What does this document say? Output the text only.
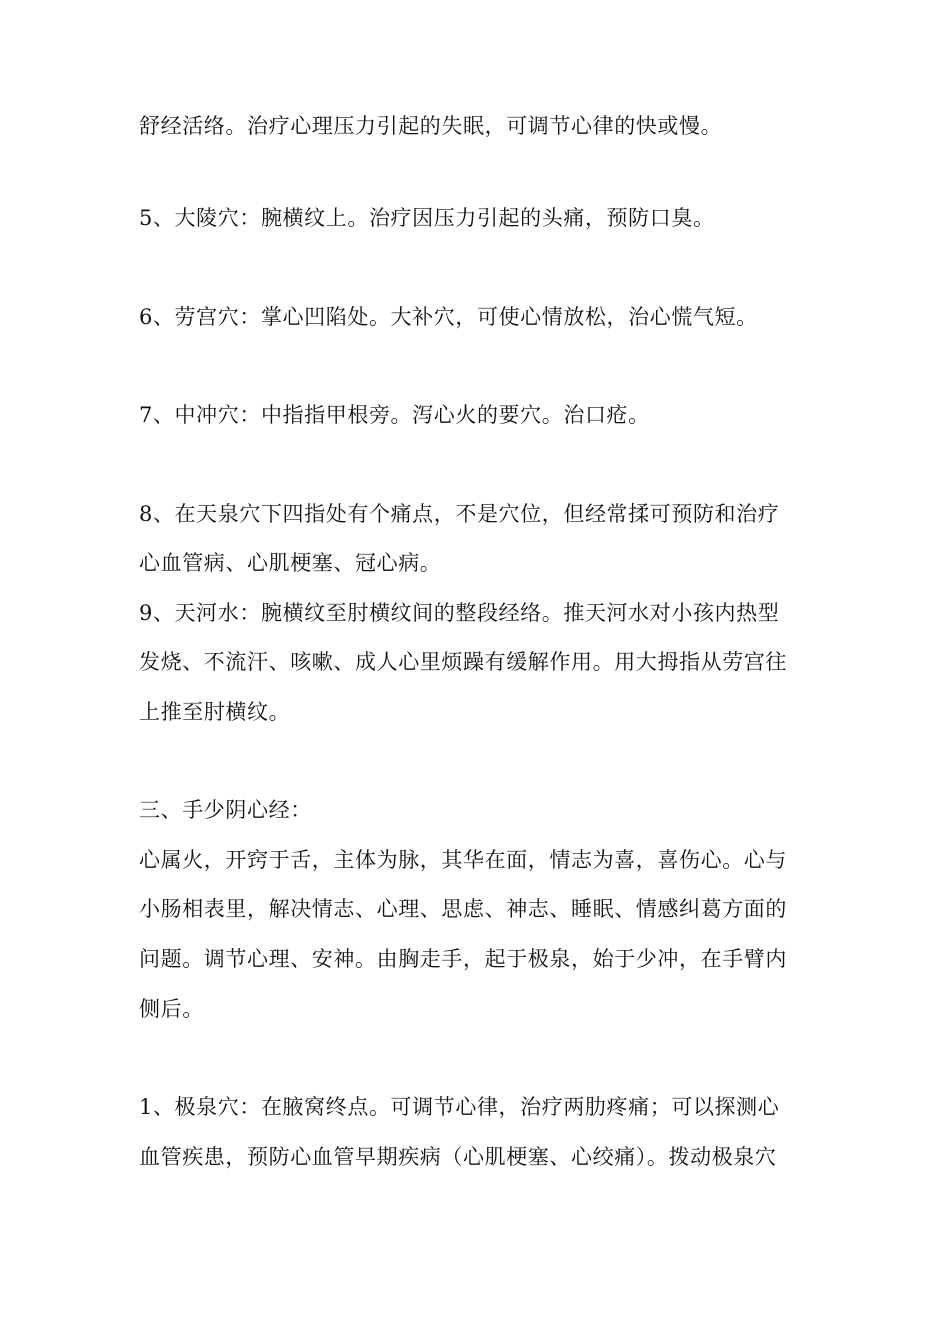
舒经活络。治疗心理压力引起的失眠，可调节心律的快或慢。
5、大陵穴：腕横纹上。治疗因压力引起的头痛，预防口臭。
6、劳宫穴：掌心凹陷处。大补穴，可使心情放松，治心慌气短。
7、中冲穴：中指指甲根旁。泻心火的要穴。治口疮。
8、在天泉穴下四指处有个痛点，不是穴位，但经常揉可预防和治疗
心血管病、心肌梗塞、冠心病。
9、天河水：腕横纹至肘横纹间的整段经络。推天河水对小孩内热型
发烧、不流汗、咳嗽、成人心里烦躁有缓解作用。用大拇指从劳宫往
上推至肘横纹。
三、手少阴心经：
心属火，开窍于舌，主体为脉，其华在面，情志为喜，喜伤心。心与
小肠相表里，解决情志、心理、思虑、神志、睡眠、情感纠葛方面的
问题。调节心理、安神。由胸走手，起于极泉，始于少冲，在手臂内
侧后。
1、极泉穴：在腋窝终点。可调节心律，治疗两肋疼痛；可以探测心
血管疾患，预防心血管早期疾病（心肌梗塞、心绞痛）。拨动极泉穴
